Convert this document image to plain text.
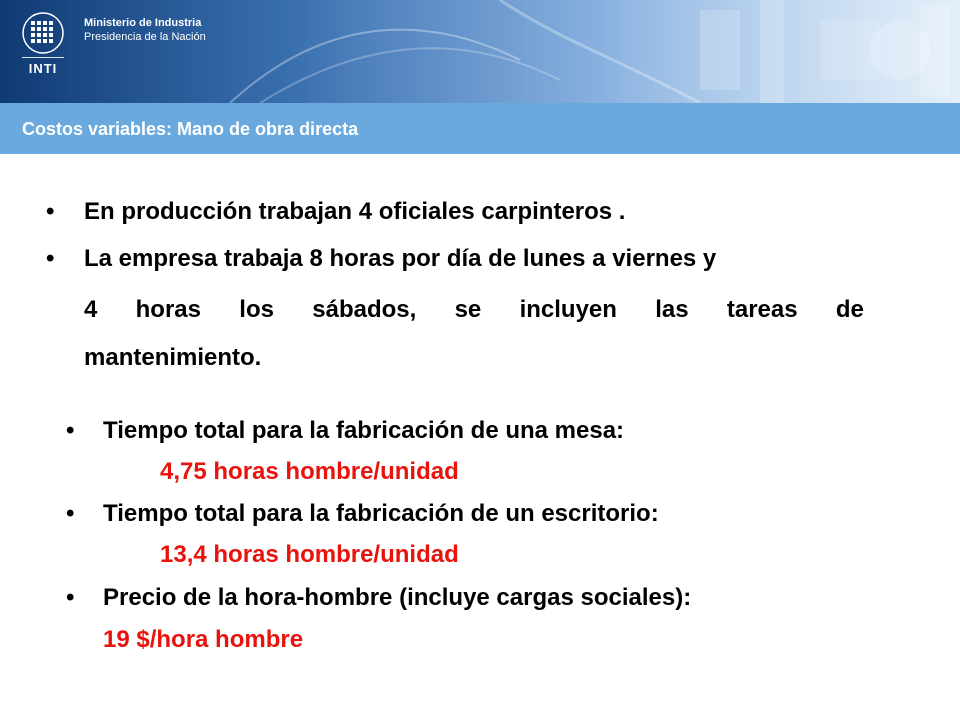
INTI
Ministerio de Industria
Presidencia de la Nación
Costos variables: Mano de obra directa
• En producción trabajan 4 oficiales carpinteros .
• La empresa trabaja 8 horas por día de lunes a viernes y
4 horas los sábados, se incluyen las tareas de
mantenimiento.
• Tiempo total para la fabricación de una mesa:
4,75 horas hombre/unidad
• Tiempo total para la fabricación de un escritorio:
13,4 horas hombre/unidad
• Precio de la hora-hombre (incluye cargas sociales):
19 $/hora hombre
